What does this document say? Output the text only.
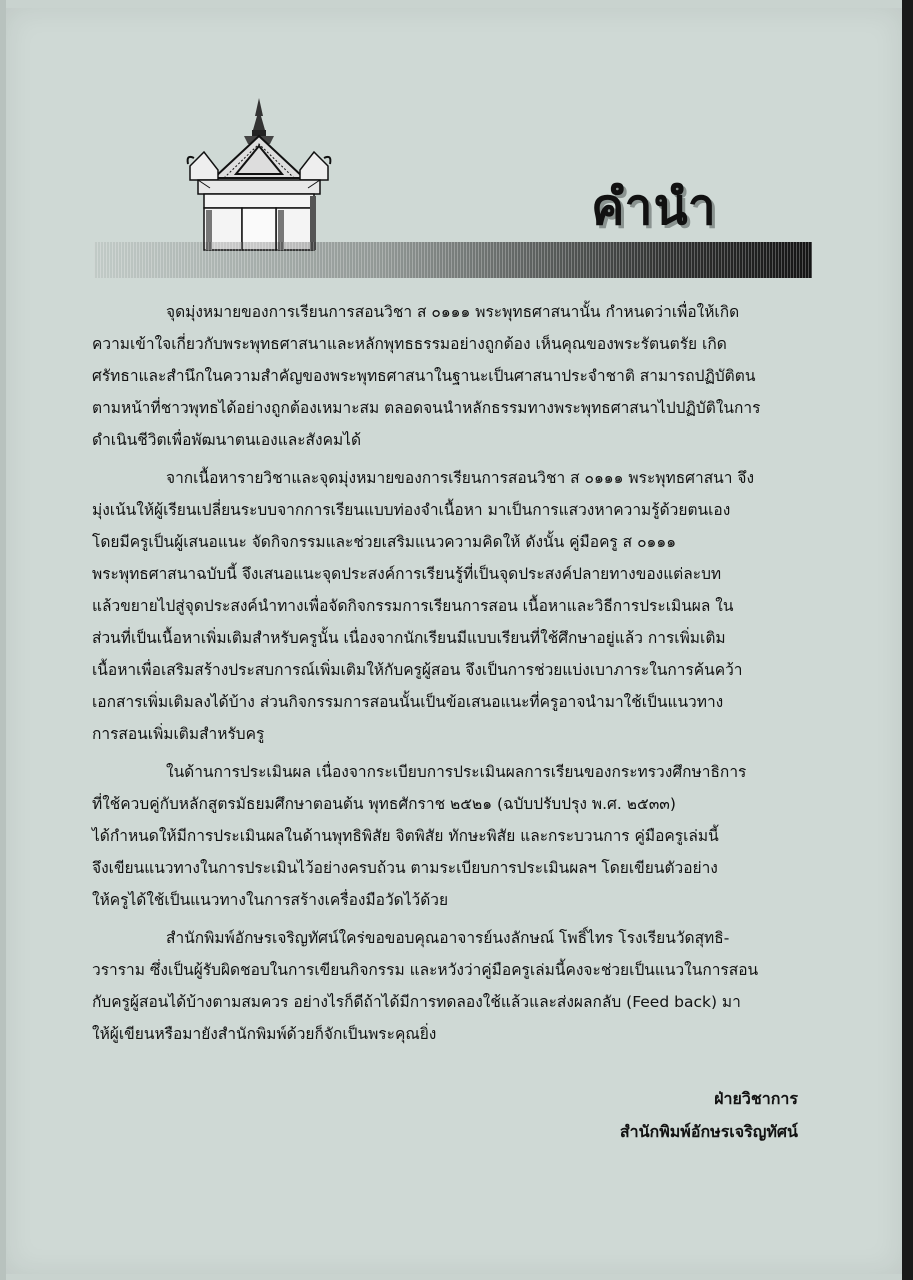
คำนำ
จุดมุ่งหมายของการเรียนการสอนวิชา ส ๐๑๑๑ พระพุทธศาสนานั้น กำหนดว่าเพื่อให้เกิด
ความเข้าใจเกี่ยวกับพระพุทธศาสนาและหลักพุทธธรรมอย่างถูกต้อง เห็นคุณของพระรัตนตรัย เกิด
ศรัทธาและสำนึกในความสำคัญของพระพุทธศาสนาในฐานะเป็นศาสนาประจำชาติ สามารถปฏิบัติตน
ตามหน้าที่ชาวพุทธได้อย่างถูกต้องเหมาะสม ตลอดจนนำหลักธรรมทางพระพุทธศาสนาไปปฏิบัติในการ
ดำเนินชีวิตเพื่อพัฒนาตนเองและสังคมได้
จากเนื้อหารายวิชาและจุดมุ่งหมายของการเรียนการสอนวิชา ส ๐๑๑๑ พระพุทธศาสนา จึง
มุ่งเน้นให้ผู้เรียนเปลี่ยนระบบจากการเรียนแบบท่องจำเนื้อหา มาเป็นการแสวงหาความรู้ด้วยตนเอง
โดยมีครูเป็นผู้เสนอแนะ จัดกิจกรรมและช่วยเสริมแนวความคิดให้ ดังนั้น คู่มือครู ส ๐๑๑๑
พระพุทธศาสนาฉบับนี้ จึงเสนอแนะจุดประสงค์การเรียนรู้ที่เป็นจุดประสงค์ปลายทางของแต่ละบท
แล้วขยายไปสู่จุดประสงค์นำทางเพื่อจัดกิจกรรมการเรียนการสอน เนื้อหาและวิธีการประเมินผล ใน
ส่วนที่เป็นเนื้อหาเพิ่มเติมสำหรับครูนั้น เนื่องจากนักเรียนมีแบบเรียนที่ใช้ศึกษาอยู่แล้ว การเพิ่มเติม
เนื้อหาเพื่อเสริมสร้างประสบการณ์เพิ่มเติมให้กับครูผู้สอน จึงเป็นการช่วยแบ่งเบาภาระในการค้นคว้า
เอกสารเพิ่มเติมลงได้บ้าง ส่วนกิจกรรมการสอนนั้นเป็นข้อเสนอแนะที่ครูอาจนำมาใช้เป็นแนวทาง
การสอนเพิ่มเติมสำหรับครู
ในด้านการประเมินผล เนื่องจากระเบียบการประเมินผลการเรียนของกระทรวงศึกษาธิการ
ที่ใช้ควบคู่กับหลักสูตรมัธยมศึกษาตอนต้น พุทธศักราช ๒๕๒๑ (ฉบับปรับปรุง พ.ศ. ๒๕๓๓)
ได้กำหนดให้มีการประเมินผลในด้านพุทธิพิสัย จิตพิสัย ทักษะพิสัย และกระบวนการ คู่มือครูเล่มนี้
จึงเขียนแนวทางในการประเมินไว้อย่างครบถ้วน ตามระเบียบการประเมินผลฯ โดยเขียนตัวอย่าง
ให้ครูได้ใช้เป็นแนวทางในการสร้างเครื่องมือวัดไว้ด้วย
สำนักพิมพ์อักษรเจริญทัศน์ใคร่ขอขอบคุณอาจารย์นงลักษณ์ โพธิ์ไทร โรงเรียนวัดสุทธิ-
วราราม ซึ่งเป็นผู้รับผิดชอบในการเขียนกิจกรรม และหวังว่าคู่มือครูเล่มนี้คงจะช่วยเป็นแนวในการสอน
กับครูผู้สอนได้บ้างตามสมควร อย่างไรก็ดีถ้าได้มีการทดลองใช้แล้วและส่งผลกลับ (Feed back) มา
ให้ผู้เขียนหรือมายังสำนักพิมพ์ด้วยก็จักเป็นพระคุณยิ่ง
ฝ่ายวิชาการ
สำนักพิมพ์อักษรเจริญทัศน์
